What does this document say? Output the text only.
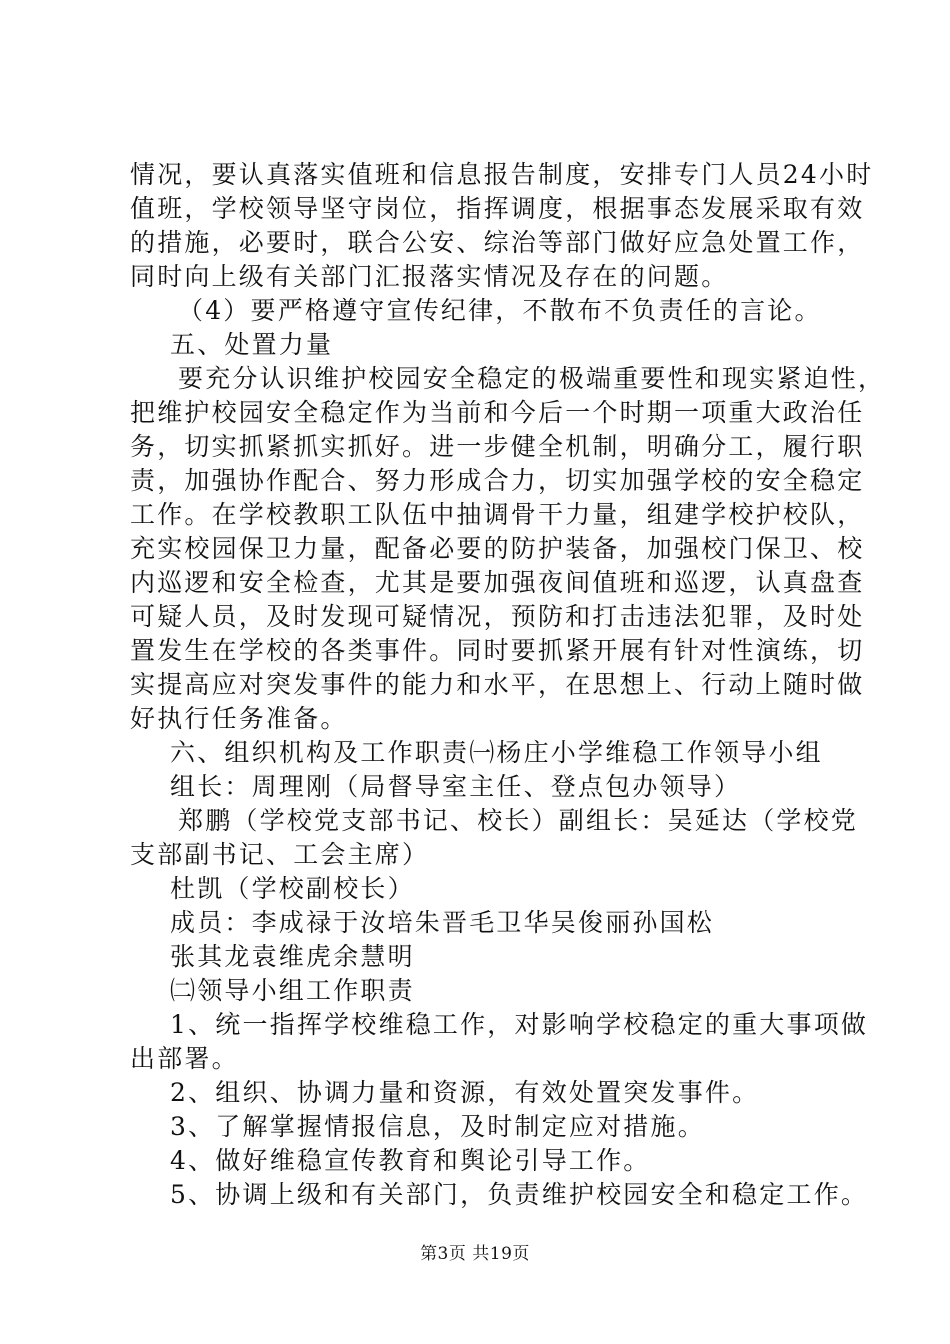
情况，要认真落实值班和信息报告制度，安排专门人员24小时
值班，学校领导坚守岗位，指挥调度，根据事态发展采取有效
的措施，必要时，联合公安、综治等部门做好应急处置工作，
同时向上级有关部门汇报落实情况及存在的问题。
（4）要严格遵守宣传纪律，不散布不负责任的言论。
五、处置力量
要充分认识维护校园安全稳定的极端重要性和现实紧迫性，
把维护校园安全稳定作为当前和今后一个时期一项重大政治任
务，切实抓紧抓实抓好。进一步健全机制，明确分工，履行职
责，加强协作配合、努力形成合力，切实加强学校的安全稳定
工作。在学校教职工队伍中抽调骨干力量，组建学校护校队，
充实校园保卫力量，配备必要的防护装备，加强校门保卫、校
内巡逻和安全检查，尤其是要加强夜间值班和巡逻，认真盘查
可疑人员，及时发现可疑情况，预防和打击违法犯罪，及时处
置发生在学校的各类事件。同时要抓紧开展有针对性演练，切
实提高应对突发事件的能力和水平，在思想上、行动上随时做
好执行任务准备。
六、组织机构及工作职责㈠杨庄小学维稳工作领导小组
组长：周理刚（局督导室主任、登点包办领导）
郑鹏（学校党支部书记、校长）副组长：吴延达（学校党
支部副书记、工会主席）
杜凯（学校副校长）
成员：李成禄于汝培朱晋毛卫华吴俊丽孙国松
张其龙袁维虎余慧明
㈡领导小组工作职责
1、统一指挥学校维稳工作，对影响学校稳定的重大事项做
出部署。
2、组织、协调力量和资源，有效处置突发事件。
3、了解掌握情报信息，及时制定应对措施。
4、做好维稳宣传教育和舆论引导工作。
5、协调上级和有关部门，负责维护校园安全和稳定工作。
第3页 共19页
